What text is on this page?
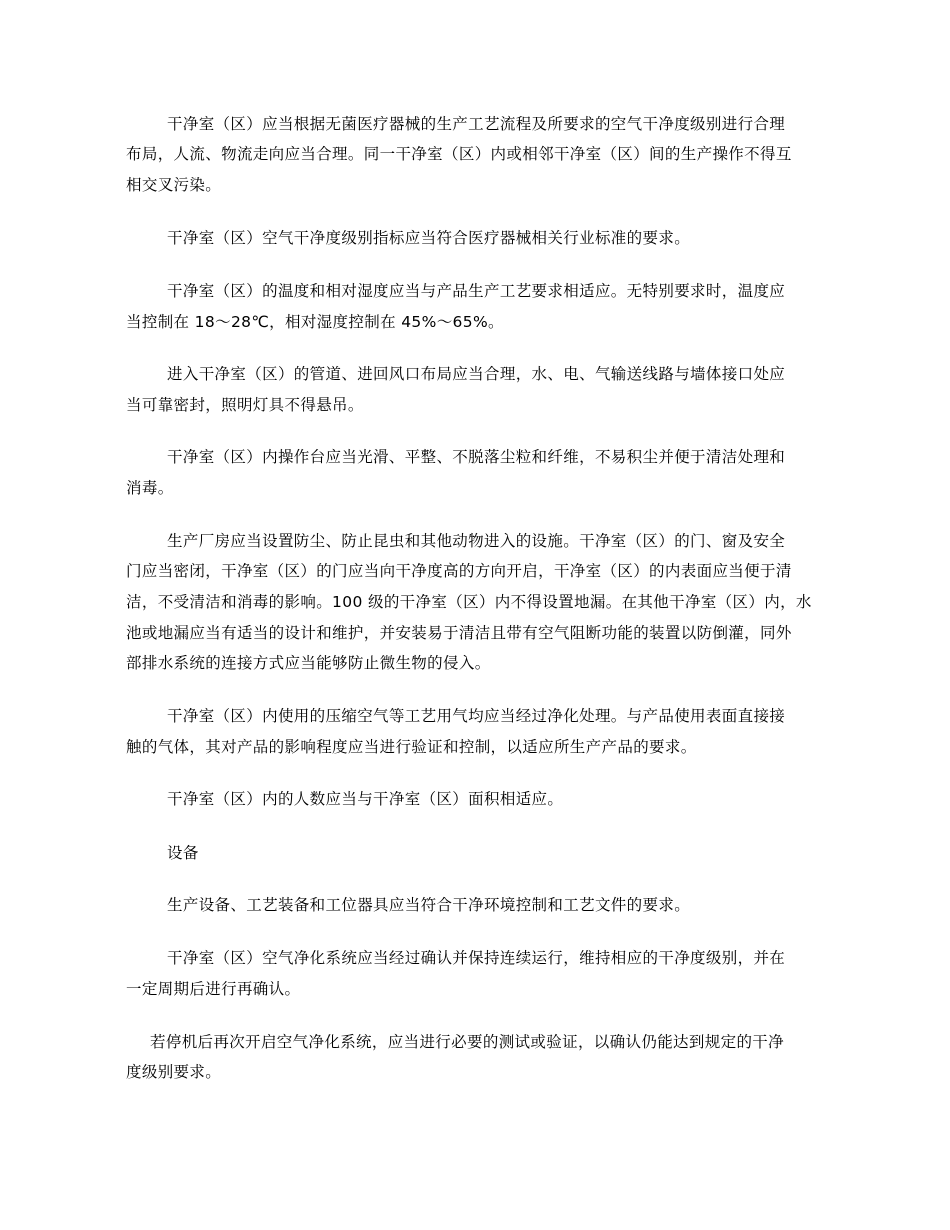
干净室（区）应当根据无菌医疗器械的生产工艺流程及所要求的空气干净度级别进行合理
布局，人流、物流走向应当合理。同一干净室（区）内或相邻干净室（区）间的生产操作不得互
相交叉污染。
干净室（区）空气干净度级别指标应当符合医疗器械相关行业标准的要求。
干净室（区）的温度和相对湿度应当与产品生产工艺要求相适应。无特别要求时，温度应
当控制在 18～28℃，相对湿度控制在 45%～65%。
进入干净室（区）的管道、进回风口布局应当合理，水、电、气输送线路与墙体接口处应
当可靠密封，照明灯具不得悬吊。
干净室（区）内操作台应当光滑、平整、不脱落尘粒和纤维，不易积尘并便于清洁处理和
消毒。
生产厂房应当设置防尘、防止昆虫和其他动物进入的设施。干净室（区）的门、窗及安全
门应当密闭，干净室（区）的门应当向干净度高的方向开启，干净室（区）的内表面应当便于清
洁，不受清洁和消毒的影响。100 级的干净室（区）内不得设置地漏。在其他干净室（区）内，水
池或地漏应当有适当的设计和维护，并安装易于清洁且带有空气阻断功能的装置以防倒灌，同外
部排水系统的连接方式应当能够防止微生物的侵入。
干净室（区）内使用的压缩空气等工艺用气均应当经过净化处理。与产品使用表面直接接
触的气体，其对产品的影响程度应当进行验证和控制，以适应所生产产品的要求。
干净室（区）内的人数应当与干净室（区）面积相适应。
设备
生产设备、工艺装备和工位器具应当符合干净环境控制和工艺文件的要求。
干净室（区）空气净化系统应当经过确认并保持连续运行，维持相应的干净度级别，并在
一定周期后进行再确认。
若停机后再次开启空气净化系统，应当进行必要的测试或验证，以确认仍能达到规定的干净
度级别要求。
